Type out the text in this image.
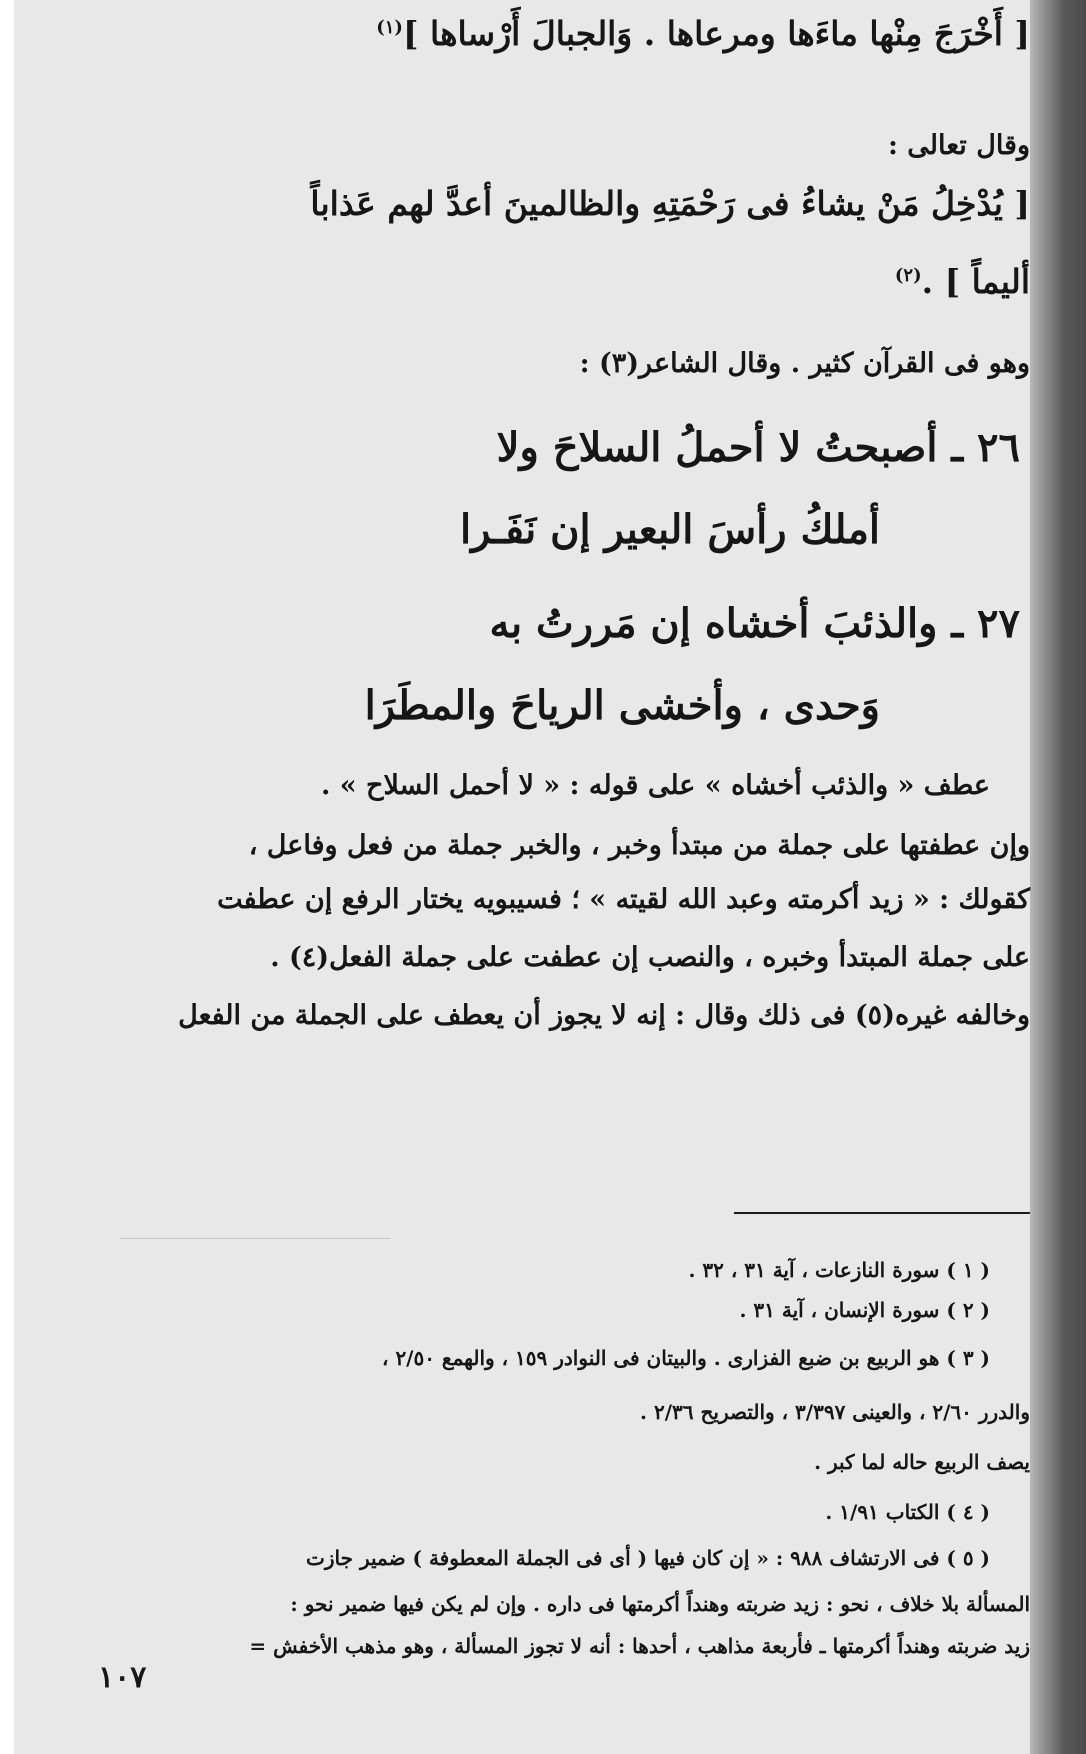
[ أَخْرَجَ مِنْها ماءَها ومرعاها . وَالجبالَ أَرْساها ]$^{(١)}$
وقال تعالى :
[ يُدْخِلُ مَنْ يشاءُ فى رَحْمَتِهِ والظالمينَ أعدَّ لهم عَذاباً
أليماً ] .$^{(٢)}$
وهو فى القرآن كثير . وقال الشاعر(٣) :
٢٦ ـ أصبحتُ لا أحملُ السلاحَ ولا
أملكُ رأسَ البعير إن نَفَـرا
٢٧ ـ والذئبَ أخشاه إن مَررتُ به
وَحدى ، وأخشى الرياحَ والمطَرَا
عطف « والذئب أخشاه » على قوله : « لا أحمل السلاح » .
وإن عطفتها على جملة من مبتدأ وخبر ، والخبر جملة من فعل وفاعل ،
كقولك : « زيد أكرمته وعبد الله لقيته » ؛ فسيبويه يختار الرفع إن عطفت
على جملة المبتدأ وخبره ، والنصب إن عطفت على جملة الفعل(٤) .
وخالفه غيره(٥) فى ذلك وقال : إنه لا يجوز أن يعطف على الجملة من الفعل
( ١ ) سورة النازعات ، آية ٣١ ، ٣٢ .
( ٢ ) سورة الإنسان ، آية ٣١ .
( ٣ ) هو الربيع بن ضبع الفزارى . والبيتان فى النوادر ١٥٩ ، والهمع ٢/٥٠ ،
والدرر ٢/٦٠ ، والعينى ٣/٣٩٧ ، والتصريح ٢/٣٦ .
يصف الربيع حاله لما كبر .
( ٤ ) الكتاب ١/٩١ .
( ٥ ) فى الارتشاف ٩٨٨ : « إن كان فيها ( أى فى الجملة المعطوفة ) ضمير جازت
المسألة بلا خلاف ، نحو : زيد ضربته وهنداً أكرمتها فى داره . وإن لم يكن فيها ضمير نحو :
زيد ضربته وهنداً أكرمتها ـ فأربعة مذاهب ، أحدها : أنه لا تجوز المسألة ، وهو مذهب الأخفش =
١٠٧
